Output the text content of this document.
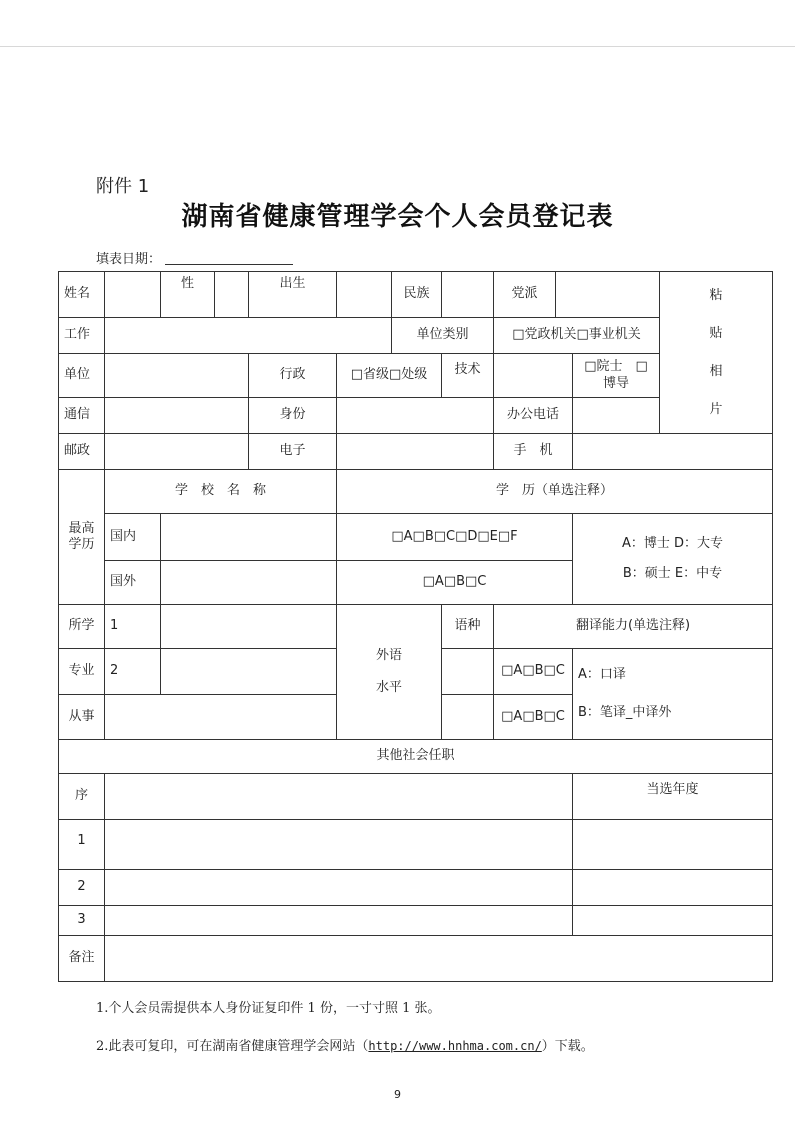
附件 1
湖南省健康管理学会个人会员登记表
填表日期：
姓名		性		出生		民族		党派			粘
贴
相
片

工作						单位类别		□党政机关□事业机关			
单位				行政	□省级□处级		技术			□院士　□博导	
通信				身份				办公电话			
邮政				电子				手　机			
最高学历	学　校　名　称				学　历（单选注释）						
	国内				□A□B□C□D□E□F					A：博士 D：大专
B：硕士 E：中专	

	国外				□A□B□C						
所学	1				外语水平		语种	翻译能力(单选注释)			
专业	2							□A□B□C		A：口译
B：笔译_中译外	

从事								□A□B□C			
其他社会任职											
序										当选年度	
1											
2											
3											
备注											
1.个人会员需提供本人身份证复印件 1 份，一寸寸照 1 张。
2.此表可复印，可在湖南省健康管理学会网站（http://www.hnhma.com.cn/）下载。
9
